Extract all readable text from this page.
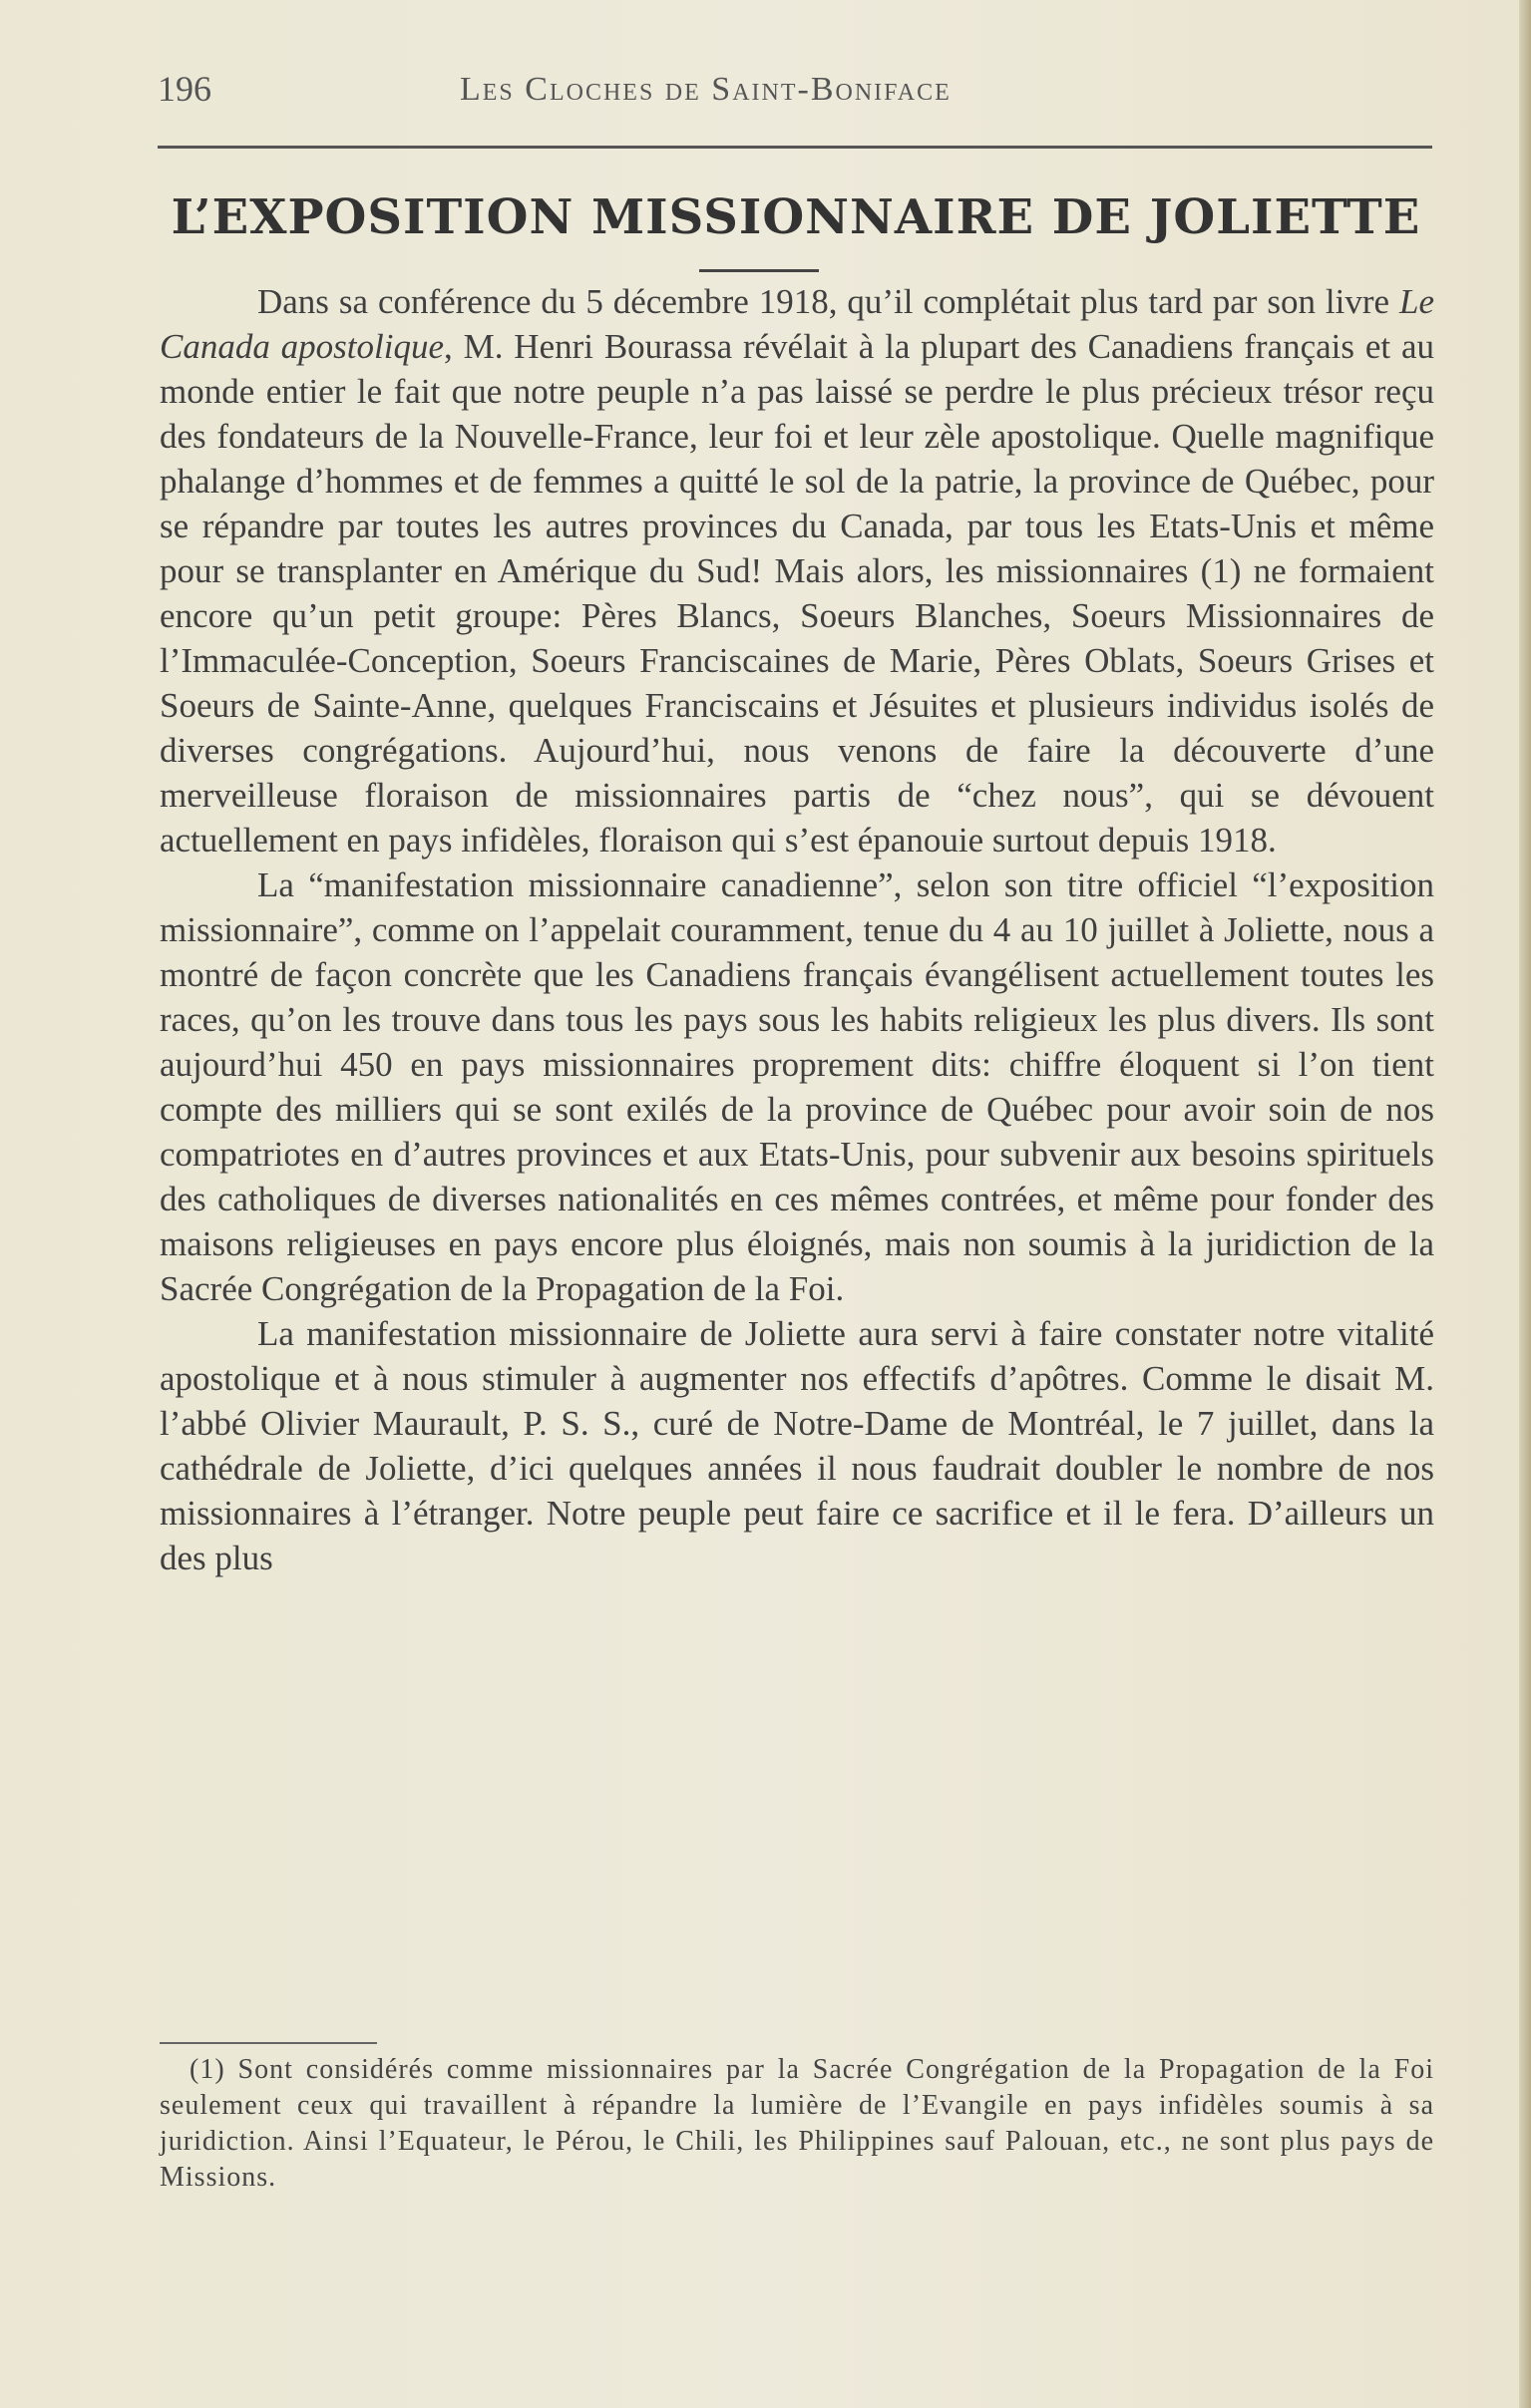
196	Les Cloches de Saint-Boniface
L’EXPOSITION MISSIONNAIRE DE JOLIETTE

Dans sa conférence du 5 décembre 1918, qu’il complétait plus tard par son livre Le Canada apostolique, M. Henri Bourassa révélait à la plupart des Canadiens français et au monde entier le fait que notre peuple n’a pas laissé se perdre le plus précieux trésor reçu des fondateurs de la Nouvelle-France, leur foi et leur zèle apostolique. Quelle magnifique phalange d’hommes et de femmes a quitté le sol de la patrie, la province de Québec, pour se répandre par toutes les autres provinces du Canada, par tous les Etats-Unis et même pour se transplanter en Amérique du Sud! Mais alors, les missionnaires (1) ne formaient encore qu’un petit groupe: Pères Blancs, Soeurs Blanches, Soeurs Missionnaires de l’Immaculée-Conception, Soeurs Franciscaines de Marie, Pères Oblats, Soeurs Grises et Soeurs de Sainte-Anne, quelques Franciscains et Jésuites et plusieurs individus isolés de diverses congrégations. Aujourd’hui, nous venons de faire la découverte d’une merveilleuse floraison de missionnaires partis de “chez nous”, qui se dévouent actuellement en pays infidèles, floraison qui s’est épanouie surtout depuis 1918.

La “manifestation missionnaire canadienne”, selon son titre officiel “l’exposition missionnaire”, comme on l’appelait couramment, tenue du 4 au 10 juillet à Joliette, nous a montré de façon concrète que les Canadiens français évangélisent actuellement toutes les races, qu’on les trouve dans tous les pays sous les habits religieux les plus divers. Ils sont aujourd’hui 450 en pays missionnaires proprement dits: chiffre éloquent si l’on tient compte des milliers qui se sont exilés de la province de Québec pour avoir soin de nos compatriotes en d’autres provinces et aux Etats-Unis, pour subvenir aux besoins spirituels des catholiques de diverses nationalités en ces mêmes contrées, et même pour fonder des maisons religieuses en pays encore plus éloignés, mais non soumis à la juridiction de la Sacrée Congrégation de la Propagation de la Foi.

La manifestation missionnaire de Joliette aura servi à faire constater notre vitalité apostolique et à nous stimuler à augmenter nos effectifs d’apôtres. Comme le disait M. l’abbé Olivier Maurault, P. S. S., curé de Notre-Dame de Montréal, le 7 juillet, dans la cathédrale de Joliette, d’ici quelques années il nous faudrait doubler le nombre de nos missionnaires à l’étranger. Notre peuple peut faire ce sacrifice et il le fera. D’ailleurs un des plus

(1) Sont considérés comme missionnaires par la Sacrée Congrégation de la Propagation de la Foi seulement ceux qui travaillent à répandre la lumière de l’Evangile en pays infidèles soumis à sa juridiction. Ainsi l’Equateur, le Pérou, le Chili, les Philippines sauf Palouan, etc., ne sont plus pays de Missions.
